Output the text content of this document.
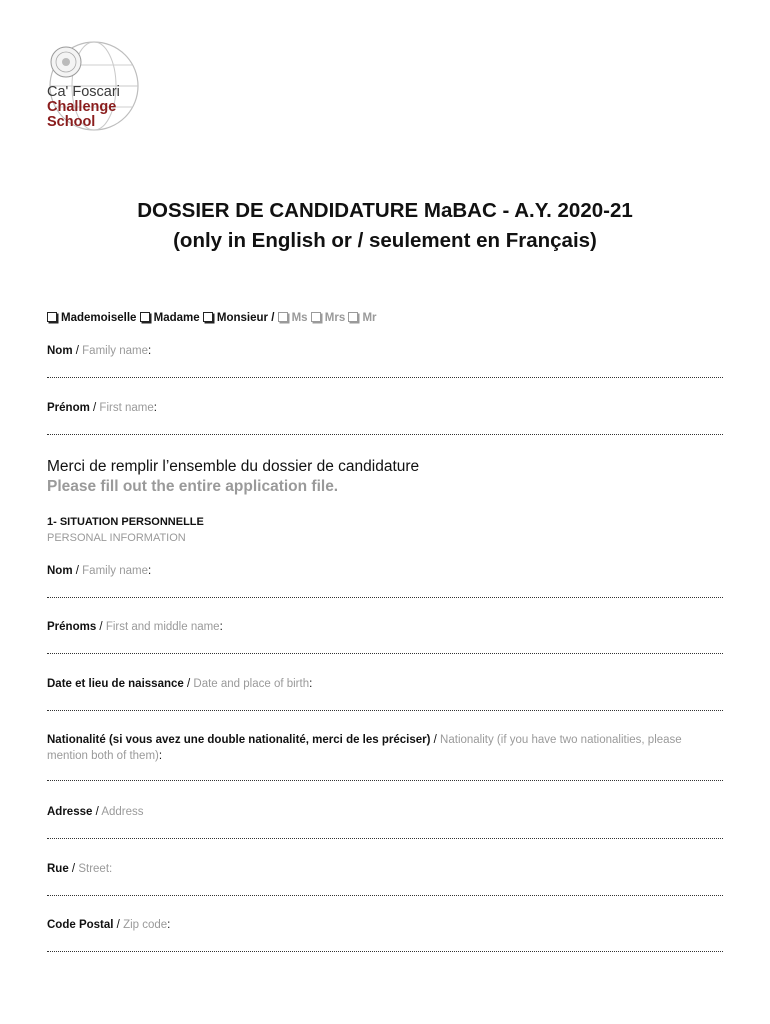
Ca' Foscari
Challenge
School
DOSSIER DE CANDIDATURE MaBAC - A.Y. 2020-21
(only in English or / seulement en Français)
Mademoiselle Madame Monsieur / Ms Mrs Mr
Nom / Family name:
Prénom / First name:
Merci de remplir l’ensemble du dossier de candidature
Please fill out the entire application file.
1- SITUATION PERSONNELLE
PERSONAL INFORMATION
Nom / Family name:
Prénoms / First and middle name:
Date et lieu de naissance / Date and place of birth:
Nationalité (si vous avez une double nationalité, merci de les préciser) / Nationality (if you have two nationalities, please mention both of them):
Adresse / Address
Rue / Street:
Code Postal / Zip code:
